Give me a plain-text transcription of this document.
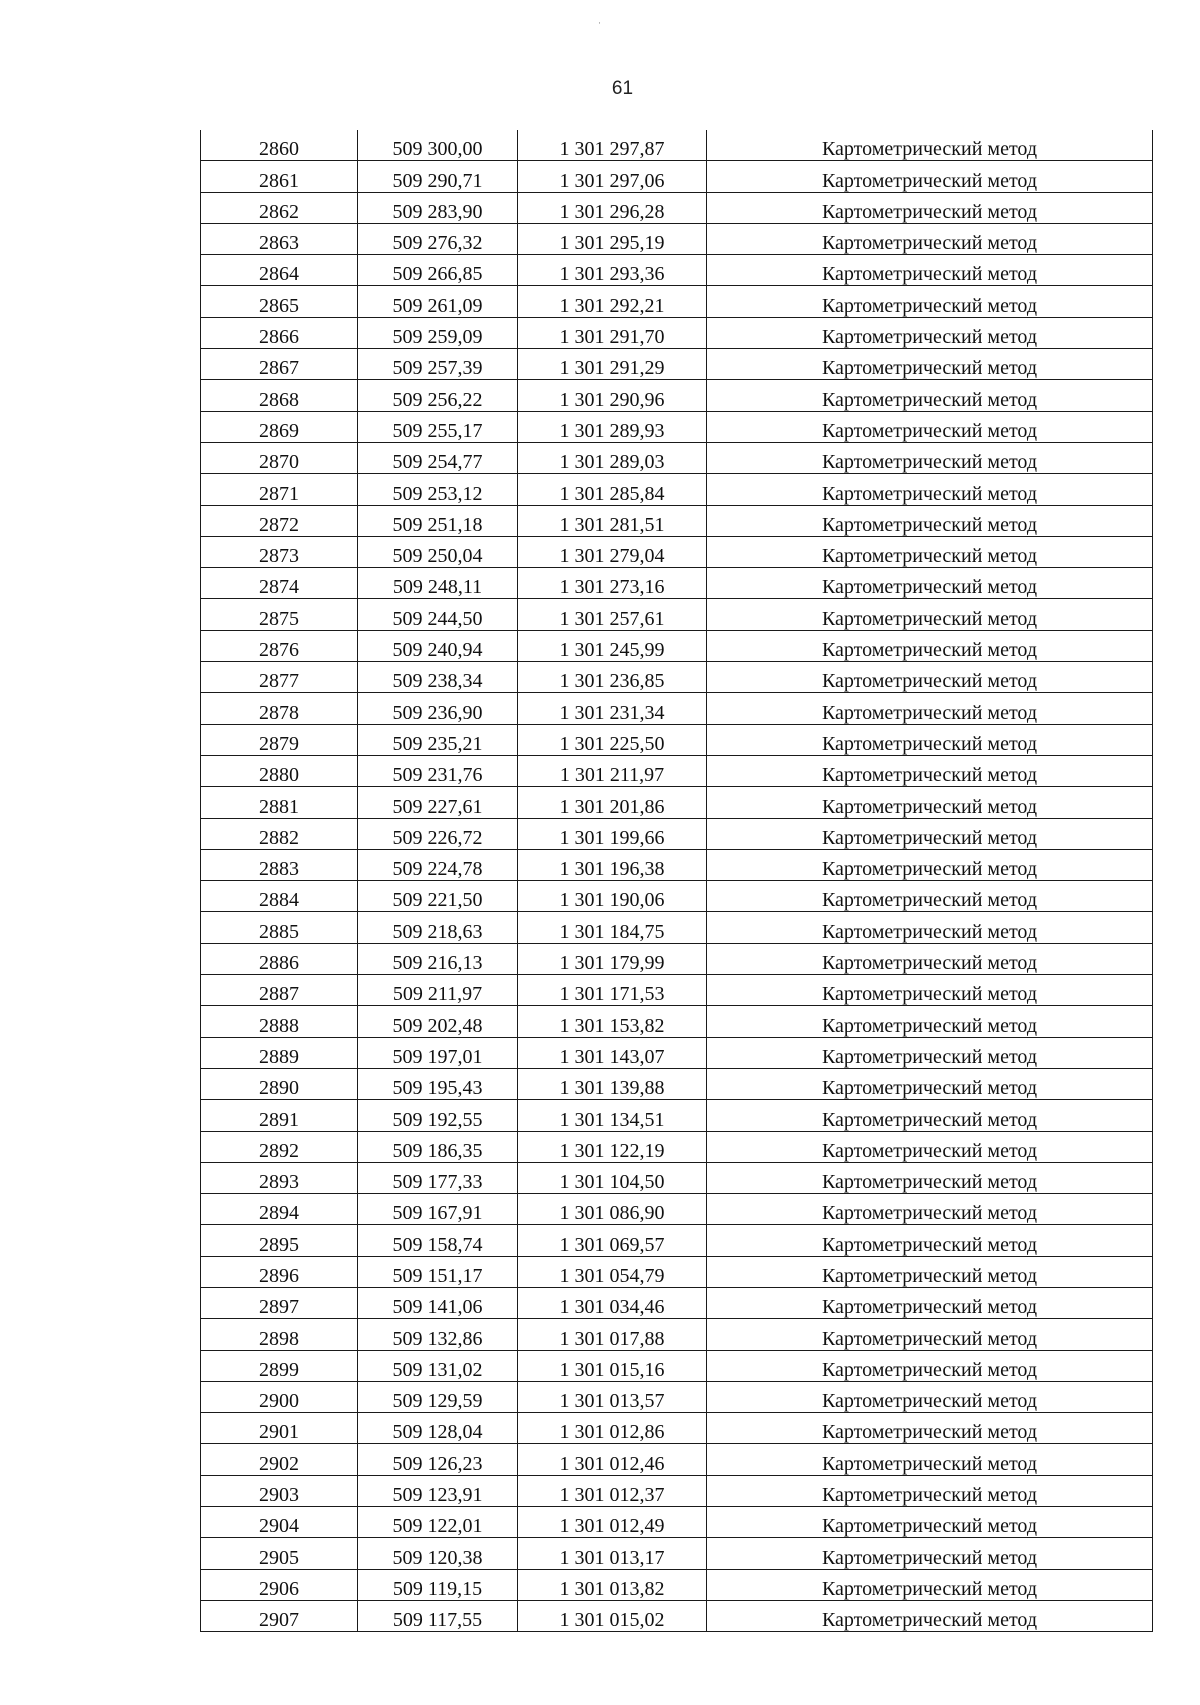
·
61
2860	509 300,00	1 301 297,87	Картометрический метод
2861	509 290,71	1 301 297,06	Картометрический метод
2862	509 283,90	1 301 296,28	Картометрический метод
2863	509 276,32	1 301 295,19	Картометрический метод
2864	509 266,85	1 301 293,36	Картометрический метод
2865	509 261,09	1 301 292,21	Картометрический метод
2866	509 259,09	1 301 291,70	Картометрический метод
2867	509 257,39	1 301 291,29	Картометрический метод
2868	509 256,22	1 301 290,96	Картометрический метод
2869	509 255,17	1 301 289,93	Картометрический метод
2870	509 254,77	1 301 289,03	Картометрический метод
2871	509 253,12	1 301 285,84	Картометрический метод
2872	509 251,18	1 301 281,51	Картометрический метод
2873	509 250,04	1 301 279,04	Картометрический метод
2874	509 248,11	1 301 273,16	Картометрический метод
2875	509 244,50	1 301 257,61	Картометрический метод
2876	509 240,94	1 301 245,99	Картометрический метод
2877	509 238,34	1 301 236,85	Картометрический метод
2878	509 236,90	1 301 231,34	Картометрический метод
2879	509 235,21	1 301 225,50	Картометрический метод
2880	509 231,76	1 301 211,97	Картометрический метод
2881	509 227,61	1 301 201,86	Картометрический метод
2882	509 226,72	1 301 199,66	Картометрический метод
2883	509 224,78	1 301 196,38	Картометрический метод
2884	509 221,50	1 301 190,06	Картометрический метод
2885	509 218,63	1 301 184,75	Картометрический метод
2886	509 216,13	1 301 179,99	Картометрический метод
2887	509 211,97	1 301 171,53	Картометрический метод
2888	509 202,48	1 301 153,82	Картометрический метод
2889	509 197,01	1 301 143,07	Картометрический метод
2890	509 195,43	1 301 139,88	Картометрический метод
2891	509 192,55	1 301 134,51	Картометрический метод
2892	509 186,35	1 301 122,19	Картометрический метод
2893	509 177,33	1 301 104,50	Картометрический метод
2894	509 167,91	1 301 086,90	Картометрический метод
2895	509 158,74	1 301 069,57	Картометрический метод
2896	509 151,17	1 301 054,79	Картометрический метод
2897	509 141,06	1 301 034,46	Картометрический метод
2898	509 132,86	1 301 017,88	Картометрический метод
2899	509 131,02	1 301 015,16	Картометрический метод
2900	509 129,59	1 301 013,57	Картометрический метод
2901	509 128,04	1 301 012,86	Картометрический метод
2902	509 126,23	1 301 012,46	Картометрический метод
2903	509 123,91	1 301 012,37	Картометрический метод
2904	509 122,01	1 301 012,49	Картометрический метод
2905	509 120,38	1 301 013,17	Картометрический метод
2906	509 119,15	1 301 013,82	Картометрический метод
2907	509 117,55	1 301 015,02	Картометрический метод
